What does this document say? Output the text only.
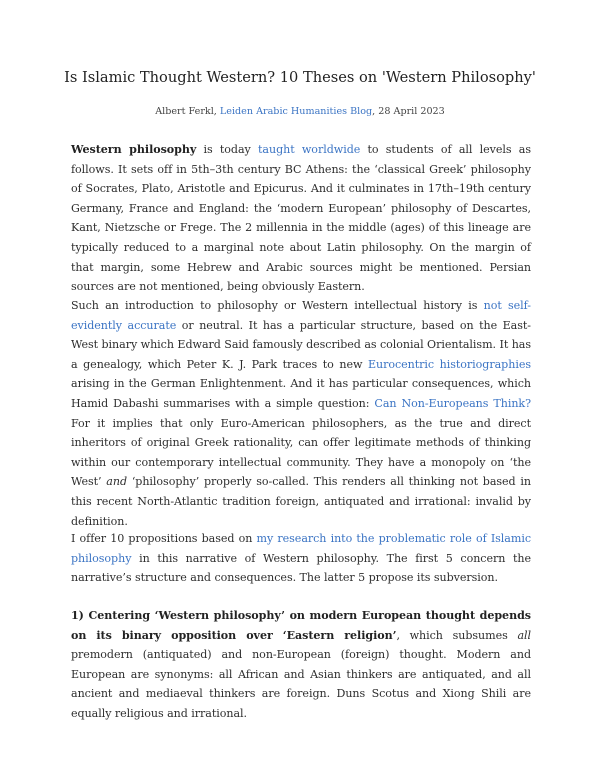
Is Islamic Thought Western? 10 Theses on 'Western Philosophy'

Albert Ferkl, Leiden Arabic Humanities Blog, 28 April 2023

Western philosophy is today taught worldwide to students of all levels as follows. It sets off in 5th–3th century BC Athens: the ‘classical Greek’ philosophy of Socrates, Plato, Aristotle and Epicurus. And it culminates in 17th–19th century Germany, France and England: the ‘modern European’ philosophy of Descartes, Kant, Nietzsche or Frege. The 2 millennia in the middle (ages) of this lineage are typically reduced to a marginal note about Latin philosophy. On the margin of that margin, some Hebrew and Arabic sources might be mentioned. Persian sources are not mentioned, being obviously Eastern.

Such an introduction to philosophy or Western intellectual history is not self-evidently accurate or neutral. It has a particular structure, based on the East-West binary which Edward Said famously described as colonial Orientalism. It has a genealogy, which Peter K. J. Park traces to new Eurocentric historiographies arising in the German Enlightenment. And it has particular consequences, which Hamid Dabashi summarises with a simple question: Can Non-Europeans Think? For it implies that only Euro-American philosophers, as the true and direct inheritors of original Greek rationality, can offer legitimate methods of thinking within our contemporary intellectual community. They have a monopoly on ‘the West’ and ‘philosophy’ properly so-called. This renders all thinking not based in this recent North-Atlantic tradition foreign, antiquated and irrational: invalid by definition.

I offer 10 propositions based on my research into the problematic role of Islamic philosophy in this narrative of Western philosophy. The first 5 concern the narrative’s structure and consequences. The latter 5 propose its subversion.

1) Centering ‘Western philosophy’ on modern European thought depends on its binary opposition over ‘Eastern religion’, which subsumes all premodern (antiquated) and non-European (foreign) thought. Modern and European are synonyms: all African and Asian thinkers are antiquated, and all ancient and mediaeval thinkers are foreign. Duns Scotus and Xiong Shili are equally religious and irrational.
